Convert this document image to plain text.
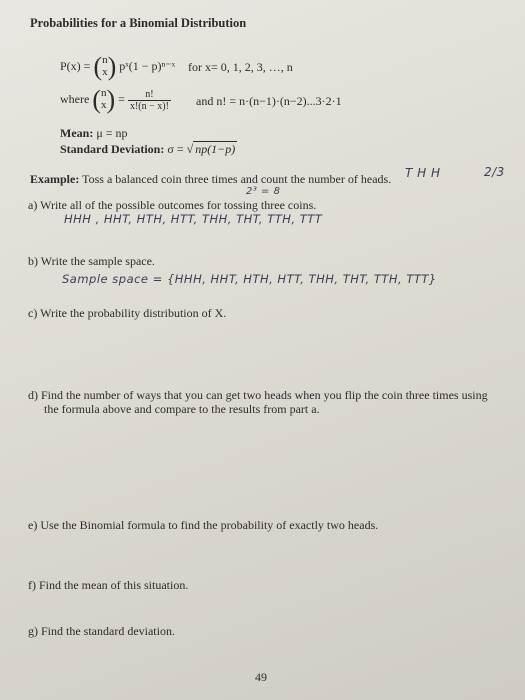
Probabilities for a Binomial Distribution
P(x) = (n
x) pˣ(1 − p)ⁿ⁻ˣ for x= 0, 1, 2, 3, …, n
where (n
$x) = \frac{n!}{x!(n - x)!}$ and n! = n·(n−1)·(n−2)...3·2·1
Mean: μ = np
Standard Deviation: σ = √ np(1−p)
Example: Toss a balanced coin three times and count the number of heads. T H H	2/3
2³ = 8
a) Write all of the possible outcomes for tossing three coins.
HHH , HHT, HTH, HTT, THH, THT, TTH, TTT
b) Write the sample space.
Sample space = {HHH, HHT, HTH, HTT, THH, THT, TTH, TTT}
c) Write the probability distribution of X.
d) Find the number of ways that you can get two heads when you flip the coin three times using
the formula above and compare to the results from part a.
e) Use the Binomial formula to find the probability of exactly two heads.
f) Find the mean of this situation.
g) Find the standard deviation.
49
